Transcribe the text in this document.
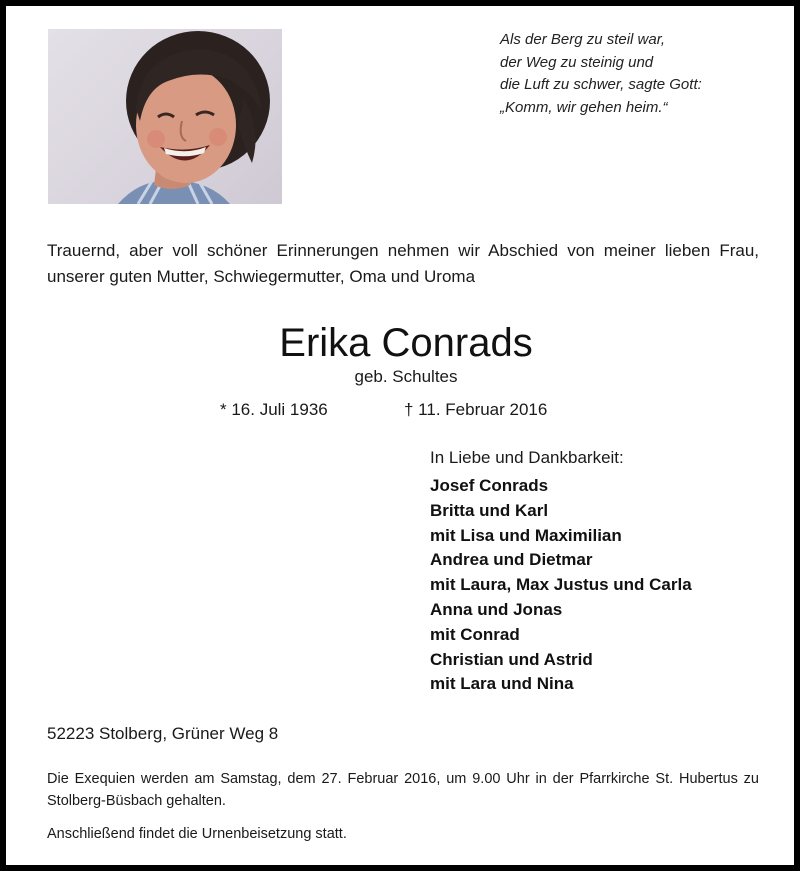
Als der Berg zu steil war,
der Weg zu steinig und
die Luft zu schwer, sagte Gott:
„Komm, wir gehen heim.“
Trauernd, aber voll schöner Erinnerungen nehmen wir Abschied von meiner lieben Frau, unserer guten Mutter, Schwiegermutter, Oma und Uroma
Erika Conrads
geb. Schultes
* 16. Juli 1936	† 11. Februar 2016
In Liebe und Dankbarkeit:
Josef Conrads
Britta und Karl
mit Lisa und Maximilian
Andrea und Dietmar
mit Laura, Max Justus und Carla
Anna und Jonas
mit Conrad
Christian und Astrid
mit Lara und Nina
52223 Stolberg, Grüner Weg 8
Die Exequien werden am Samstag, dem 27. Februar 2016, um 9.00 Uhr in der Pfarrkirche St. Hubertus zu Stolberg-Büsbach gehalten.
Anschließend findet die Urnenbeisetzung statt.
